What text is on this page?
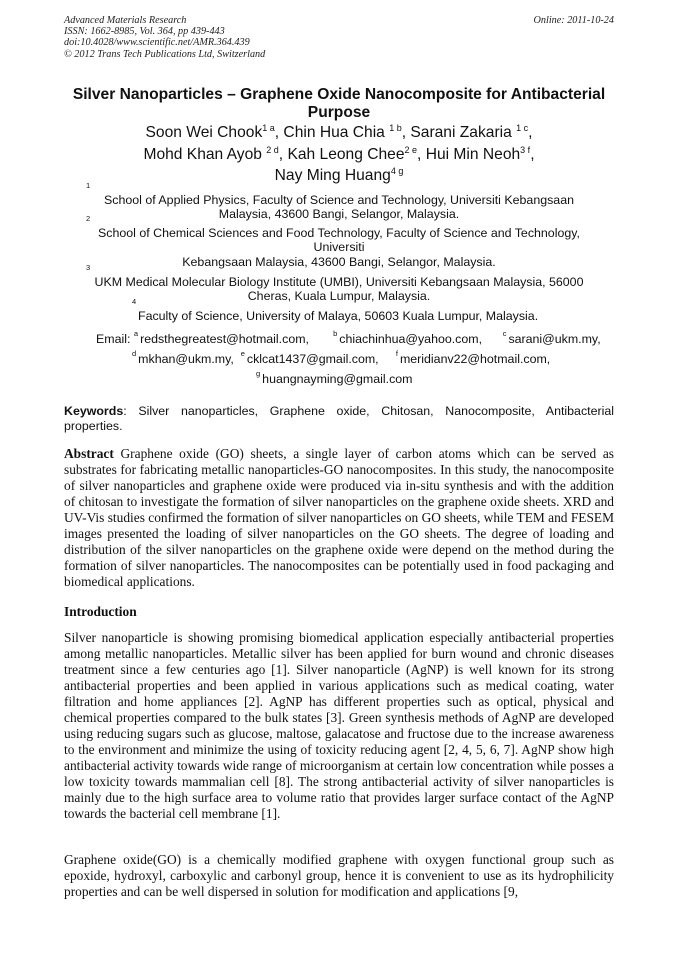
Advanced Materials Research
ISSN: 1662-8985, Vol. 364, pp 439-443
doi:10.4028/www.scientific.net/AMR.364.439
© 2012 Trans Tech Publications Ltd, Switzerland
Online: 2011-10-24
Silver Nanoparticles – Graphene Oxide Nanocomposite for Antibacterial
Purpose
Soon Wei Chook$^{1 a}$, Chin Hua Chia $^{1 b}$, Sarani Zakaria $^{1 c}$,
Mohd Khan Ayob $^{2 d}$, Kah Leong Chee$^{2 e}$, Hui Min Neoh$^{3 f}$,
Nay Ming Huang$^{4 g}$
$^1$
School of Applied Physics, Faculty of Science and Technology, Universiti Kebangsaan
Malaysia, 43600 Bangi, Selangor, Malaysia.
$^2$
School of Chemical Sciences and Food Technology, Faculty of Science and Technology,
Universiti
Kebangsaan Malaysia, 43600 Bangi, Selangor, Malaysia.
$^3$
UKM Medical Molecular Biology Institute (UMBI), Universiti Kebangsaan Malaysia, 56000
Cheras, Kuala Lumpur, Malaysia.
$^4$
Faculty of Science, University of Malaya, 50603 Kuala Lumpur, Malaysia.
Email: $^a$ redsthegreatest@hotmail.com,	$^b$ chiachinhua@yahoo.com,	$^c$ sarani@ukm.my,
$^d$ mkhan@ukm.my, $^e$ cklcat1437@gmail.com, $^f$ meridianv22@hotmail.com,
$^g$ huangnayming@gmail.com
Keywords: Silver nanoparticles, Graphene oxide, Chitosan, Nanocomposite, Antibacterial properties.
Abstract Graphene oxide (GO) sheets, a single layer of carbon atoms which can be served as substrates for fabricating metallic nanoparticles-GO nanocomposites. In this study, the nanocomposite of silver nanoparticles and graphene oxide were produced via in-situ synthesis and with the addition of chitosan to investigate the formation of silver nanoparticles on the graphene oxide sheets. XRD and UV-Vis studies confirmed the formation of silver nanoparticles on GO sheets, while TEM and FESEM images presented the loading of silver nanoparticles on the GO sheets. The degree of loading and distribution of the silver nanoparticles on the graphene oxide were depend on the method during the formation of silver nanoparticles. The nanocomposites can be potentially used in food packaging and biomedical applications.
Introduction
Silver nanoparticle is showing promising biomedical application especially antibacterial properties among metallic nanoparticles. Metallic silver has been applied for burn wound and chronic diseases treatment since a few centuries ago [1]. Silver nanoparticle (AgNP) is well known for its strong antibacterial properties and been applied in various applications such as medical coating, water filtration and home appliances [2]. AgNP has different properties such as optical, physical and chemical properties compared to the bulk states [3]. Green synthesis methods of AgNP are developed using reducing sugars such as glucose, maltose, galacatose and fructose due to the increase awareness to the environment and minimize the using of toxicity reducing agent [2, 4, 5, 6, 7]. AgNP show high antibacterial activity towards wide range of microorganism at certain low concentration while posses a low toxicity towards mammalian cell [8]. The strong antibacterial activity of silver nanoparticles is mainly due to the high surface area to volume ratio that provides larger surface contact of the AgNP towards the bacterial cell membrane [1].
Graphene oxide(GO) is a chemically modified graphene with oxygen functional group such as epoxide, hydroxyl, carboxylic and carbonyl group, hence it is convenient to use as its hydrophilicity properties and can be well dispersed in solution for modification and applications [9,
